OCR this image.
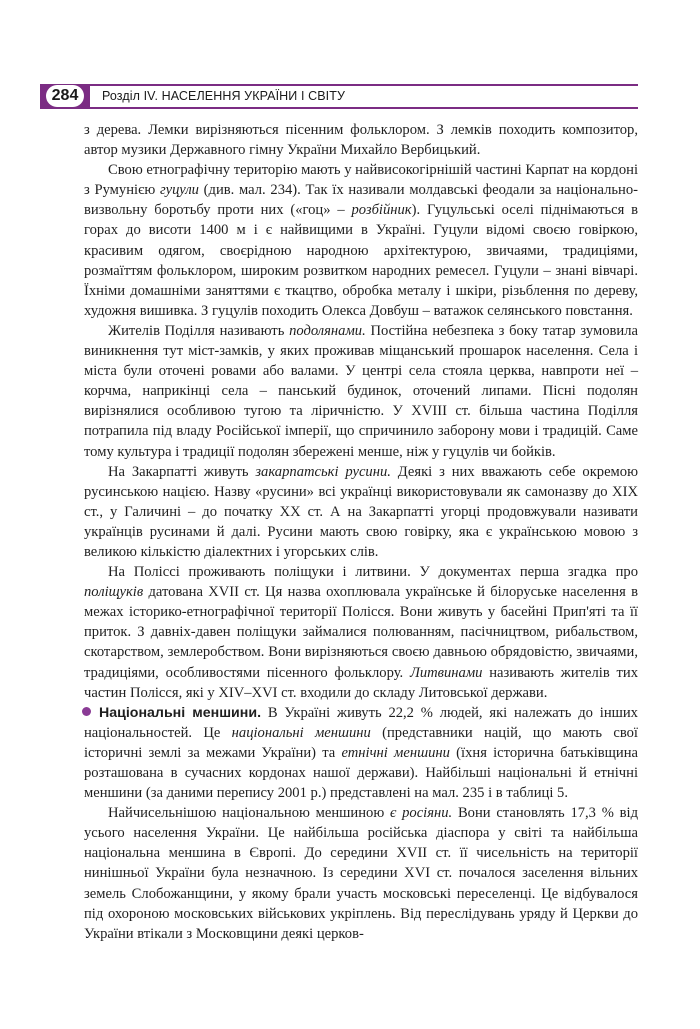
284	Розділ IV. НАСЕЛЕННЯ УКРАЇНИ І СВІТУ

з дерева. Лемки вирізняються пісенним фольклором. З лемків походить композитор, автор музики Державного гімну України Михайло Вербицький.

Свою етнографічну територію мають у найвисокогірнішій частині Карпат на кордоні з Румунією гуцули (див. мал. 234). Так їх називали молдавські феодали за національно-визвольну боротьбу проти них («гоц» – розбійник). Гуцульські оселі піднімаються в горах до висоти 1400 м і є найвищими в Україні. Гуцули відомі своєю говіркою, красивим одягом, своєрідною народною архітектурою, звичаями, традиціями, розмаїттям фольклором, широким розвитком народних ремесел. Гуцули – знані вівчарі. Їхніми домашніми заняттями є ткацтво, обробка металу і шкіри, різьблення по дереву, художня вишивка. З гуцулів походить Олекса Довбуш – ватажок селянського повстання.

Жителів Поділля називають подолянами. Постійна небезпека з боку татар зумовила виникнення тут міст-замків, у яких проживав міщанський прошарок населення. Села і міста були оточені ровами або валами. У центрі села стояла церква, навпроти неї – корчма, наприкінці села – панський будинок, оточений липами. Пісні подолян вирізнялися особливою тугою та ліричністю. У XVIII ст. більша частина Поділля потрапила під владу Російської імперії, що спричинило заборону мови і традицій. Саме тому культура і традиції подолян збережені менше, ніж у гуцулів чи бойків.

На Закарпатті живуть закарпатські русини. Деякі з них вважають себе окремою русинською нацією. Назву «русини» всі українці використовували як самоназву до XIX ст., у Галичині – до початку XX ст. А на Закарпатті угорці продовжували називати українців русинами й далі. Русини мають свою говірку, яка є українською мовою з великою кількістю діалектних і угорських слів.

На Поліссі проживають поліщуки і литвини. У документах перша згадка про поліщуків датована XVII ст. Ця назва охоплювала українське й білоруське населення в межах історико-етнографічної території Полісся. Вони живуть у басейні Прип'яті та її приток. З давніх-давен поліщуки займалися полюванням, пасічництвом, рибальством, скотарством, землеробством. Вони вирізняються своєю давньою обрядовістю, звичаями, традиціями, особливостями пісенного фольклору. Литвинами називають жителів тих частин Полісся, які у XIV–XVI ст. входили до складу Литовської держави.

Національні меншини. В Україні живуть 22,2 % людей, які належать до інших національностей. Це національні меншини (представники націй, що мають свої історичні землі за межами України) та етнічні меншини (їхня історична батьківщина розташована в сучасних кордонах нашої держави). Найбільші національні й етнічні меншини (за даними перепису 2001 р.) представлені на мал. 235 і в таблиці 5.

Найчисельнішою національною меншиною є росіяни. Вони становлять 17,3 % від усього населення України. Це найбільша російська діаспора у світі та найбільша національна меншина в Європі. До середини XVII ст. її чисельність на території нинішньої України була незначною. Із середини XVI ст. почалося заселення вільних земель Слобожанщини, у якому брали участь московські переселенці. Це відбувалося під охороною московських військових укріплень. Від переслідувань уряду й Церкви до України втікали з Московщини деякі церков-
